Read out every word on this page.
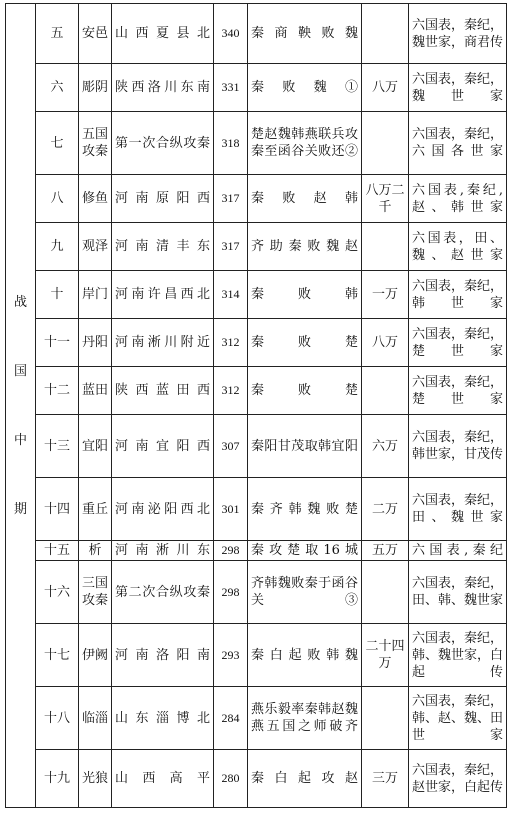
战
国
中
期	五	安邑	山西夏县北	340	秦商鞅败魏		六国表，秦纪，魏世家，商君传
	六	彫阴	陕西洛川东南	331	秦败魏①	八万	六国表，秦纪，魏世家
	七	五国攻秦	第一次合纵攻秦	318	楚赵魏韩燕联兵攻秦至函谷关败还②		六国表，秦纪，六国各世家
	八	修鱼	河南原阳西	317	秦败赵韩	八万二千	六国表,秦纪,赵、韩世家
	九	观泽	河南清丰东	317	齐助秦败魏赵		六国表，田、魏、赵世家
	十	岸门	河南许昌西北	314	秦败韩	一万	六国表，秦纪，韩世家
	十一	丹阳	河南淅川附近	312	秦败楚	八万	六国表，秦纪，楚世家
	十二	蓝田	陕西蓝田西	312	秦败楚		六国表，秦纪，楚世家
	十三	宜阳	河南宜阳西	307	秦阳甘茂取韩宜阳	六万	六国表，秦纪，韩世家，甘茂传
	十四	重丘	河南泌阳西北	301	秦齐韩魏败楚	二万	六国表，秦纪，田、魏世家
	十五	析	河南淅川东	298	秦攻楚取16城	五万	六国表,秦纪
	十六	三国攻秦	第二次合纵攻秦	298	齐韩魏败秦于函谷关③		六国表，秦纪，田、韩、魏世家
	十七	伊阙	河南洛阳南	293	秦白起败韩魏	二十四万	六国表，秦纪，韩、魏世家，白起传
	十八	临淄	山东淄博北	284	燕乐毅率秦韩赵魏燕五国之师破齐		六国表，秦纪，韩、赵、魏、田世家
	十九	光狼	山西高平	280	秦白起攻赵	三万	六国表，秦纪，赵世家，白起传
